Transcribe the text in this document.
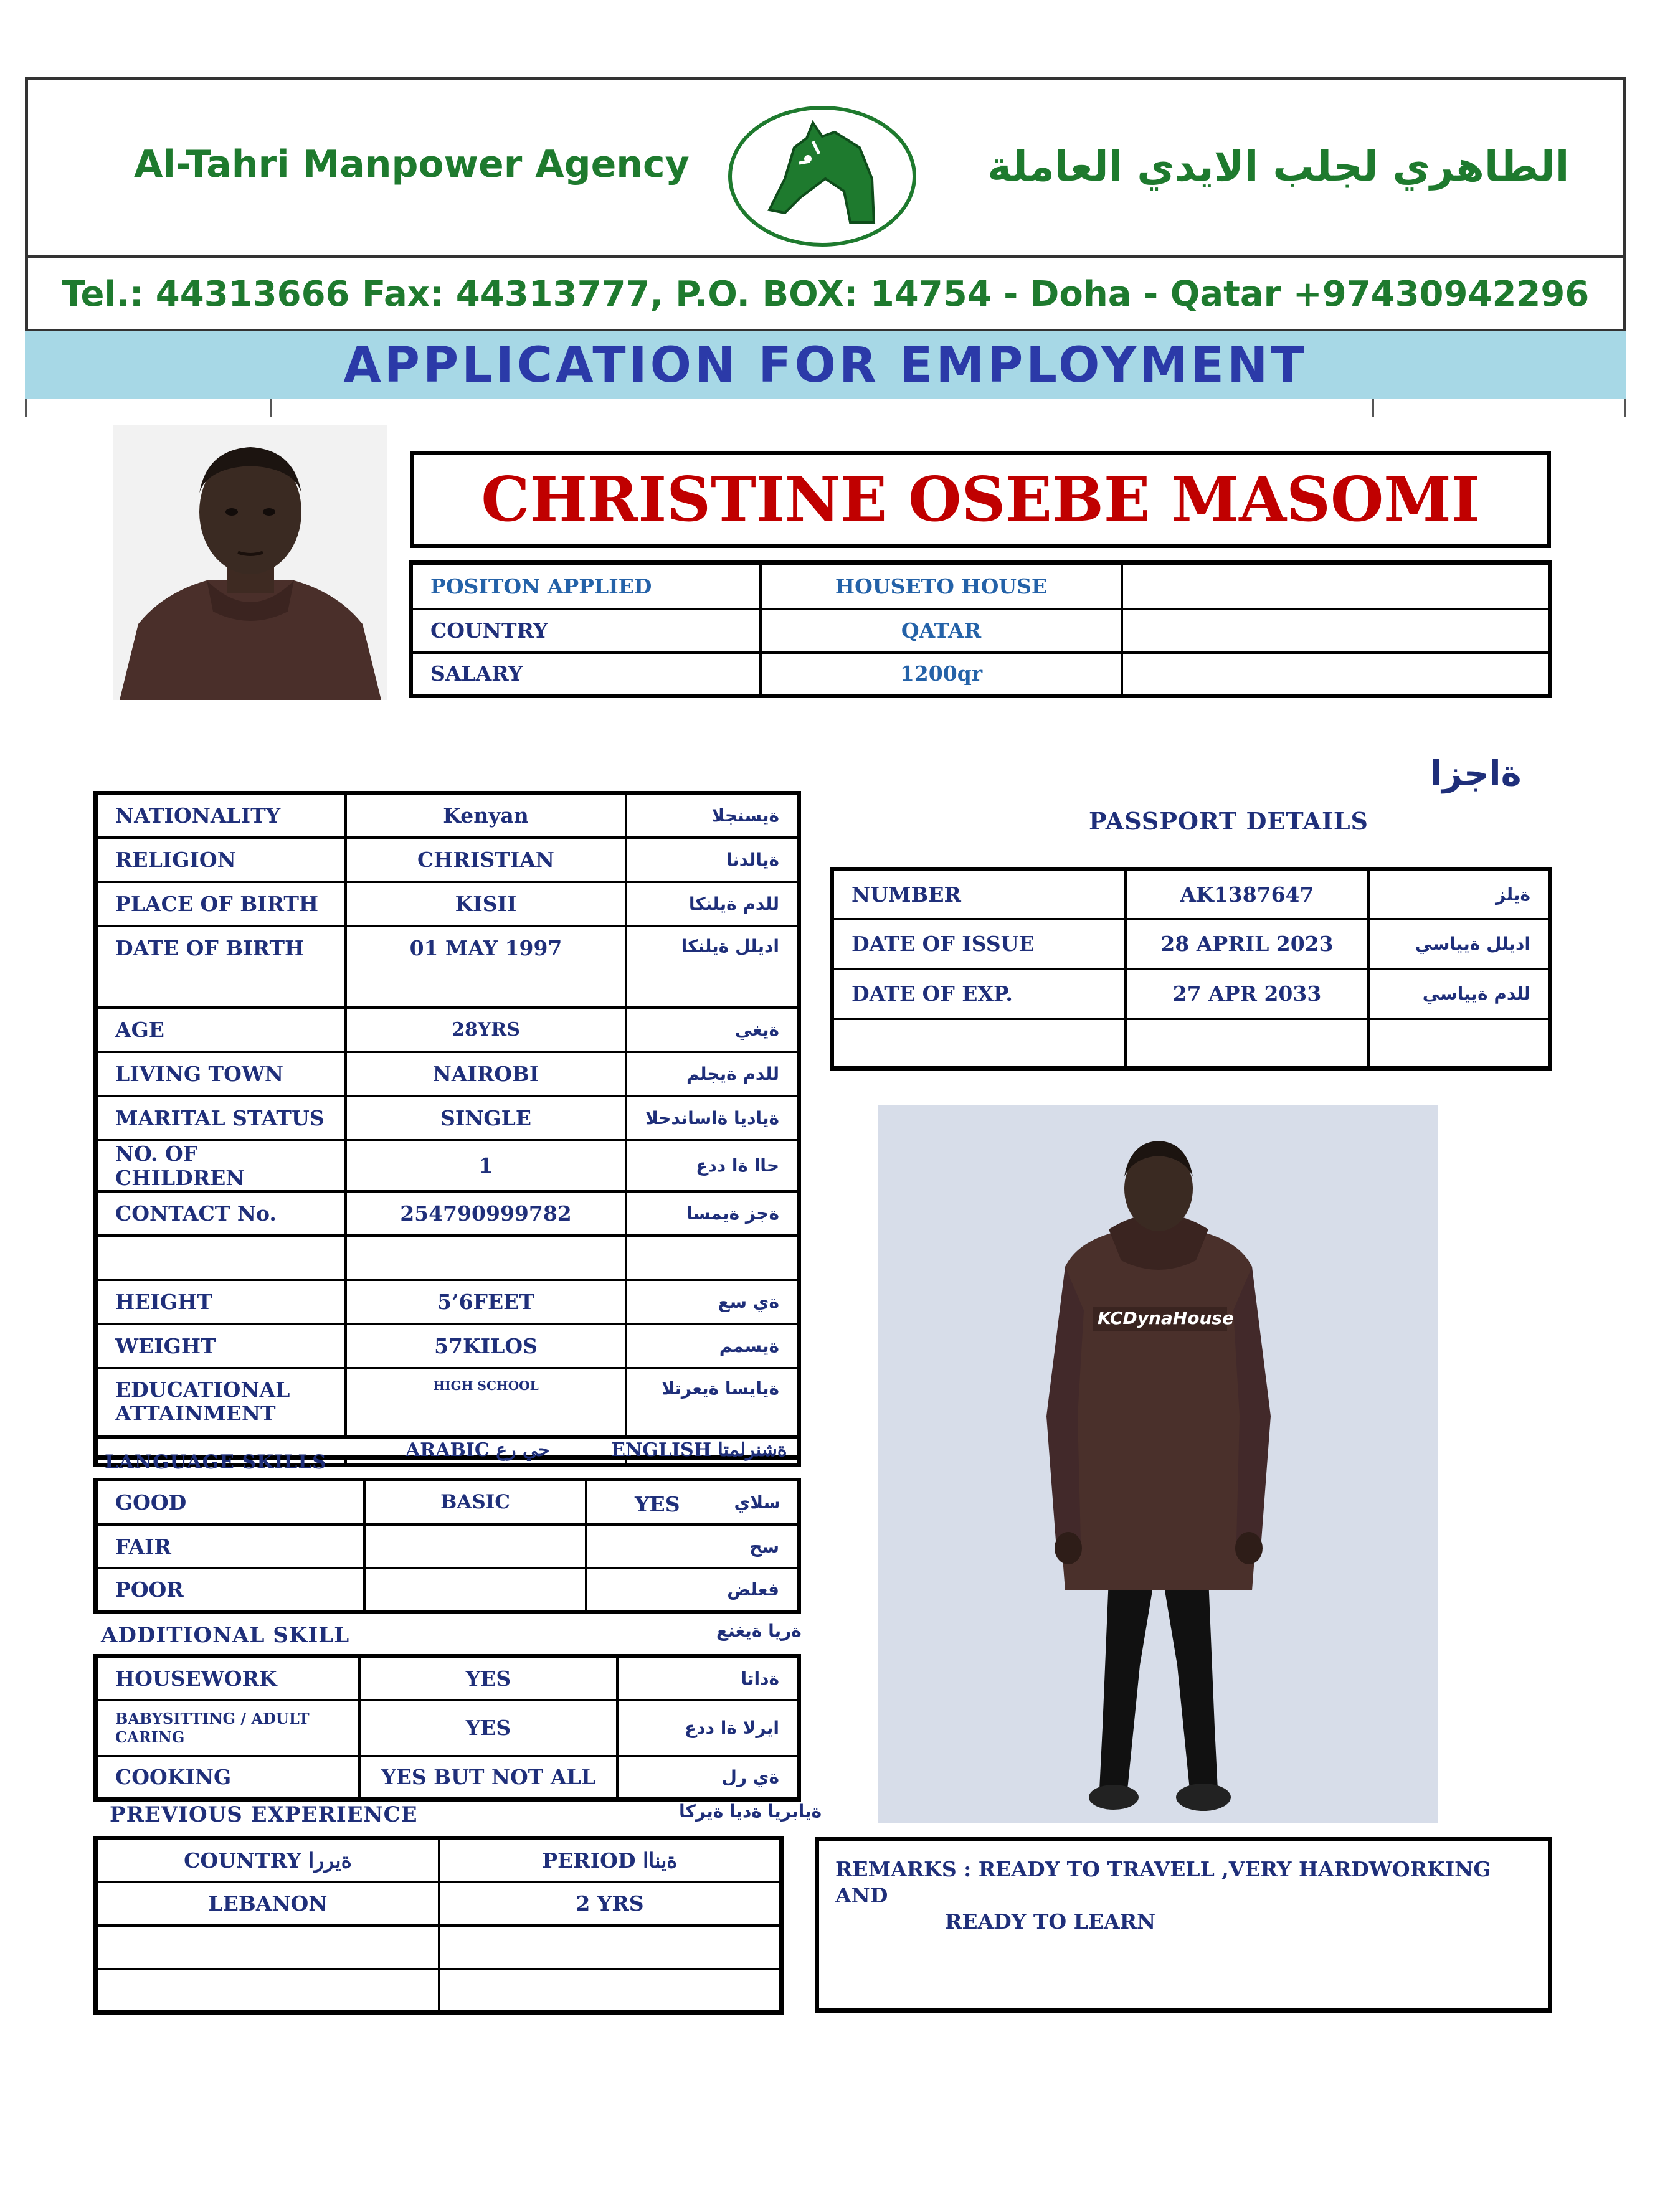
Al-Tahri Manpower Agency	الطاهري لجلب الايدي العاملة
Tel.: 44313666 Fax: 44313777, P.O. BOX: 14754 - Doha - Qatar +97430942296
APPLICATION FOR EMPLOYMENT
CHRISTINE OSEBE MASOMI
POSITON APPLIED	HOUSETO HOUSE	
COUNTRY	QATAR	
SALARY	1200qr	
NATIONALITY	Kenyan	ةيسنجلا
RELIGION	CHRISTIAN	ةيالدنا
PLACE OF BIRTH	KISII	للدم ةيلنكا
DATE OF BIRTH	01 MAY 1997	اديلل ةيلنكا
AGE	28YRS	ةيغي
LIVING TOWN	NAIROBI	للدم ةيجلم
MARITAL STATUS	SINGLE	ةياديا ةاساندحلا
NO. OF CHILDREN	1	حاا ةا ددع
CONTACT No.	254790999782	ةجز ةيمسا

HEIGHT	5’6FEET	ةي سع
WEIGHT	57KILOS	ةيسمم
EDUCATIONAL ATTAINMENT	HIGH SCHOOL	ةيايسا ةيعرتلا
ARABIC حي رع	ENGLISH ةشنرلمتا
LANGUAGE SKILLS
GOOD	BASIC	YES سلاي

FAIR		سح
POOR		فعلض
ADDITIONAL SKILL	ةريا ةيغنع
HOUSEWORK	YES	ةداتا
BABYSITTING / ADULT CARING	YES	ايرلا ةا ددع
COOKING	YES BUT NOT ALL	ةي رل
PREVIOUS EXPERIENCE	ةيابريا ةديا ةيركا
COUNTRY ةيررا	PERIOD ةيناا
LEBANON	2 YRS

ةاجزا
PASSPORT DETAILS
NUMBER	AK1387647	ةيلز
DATE OF ISSUE	28 APRIL 2023	اديلل ةيياسي
DATE OF EXP.	27 APR 2033	للدم ةيياسي

KCDynaHouse
REMARKS : READY TO TRAVELL ,VERY HARDWORKING AND
READY TO LEARN
